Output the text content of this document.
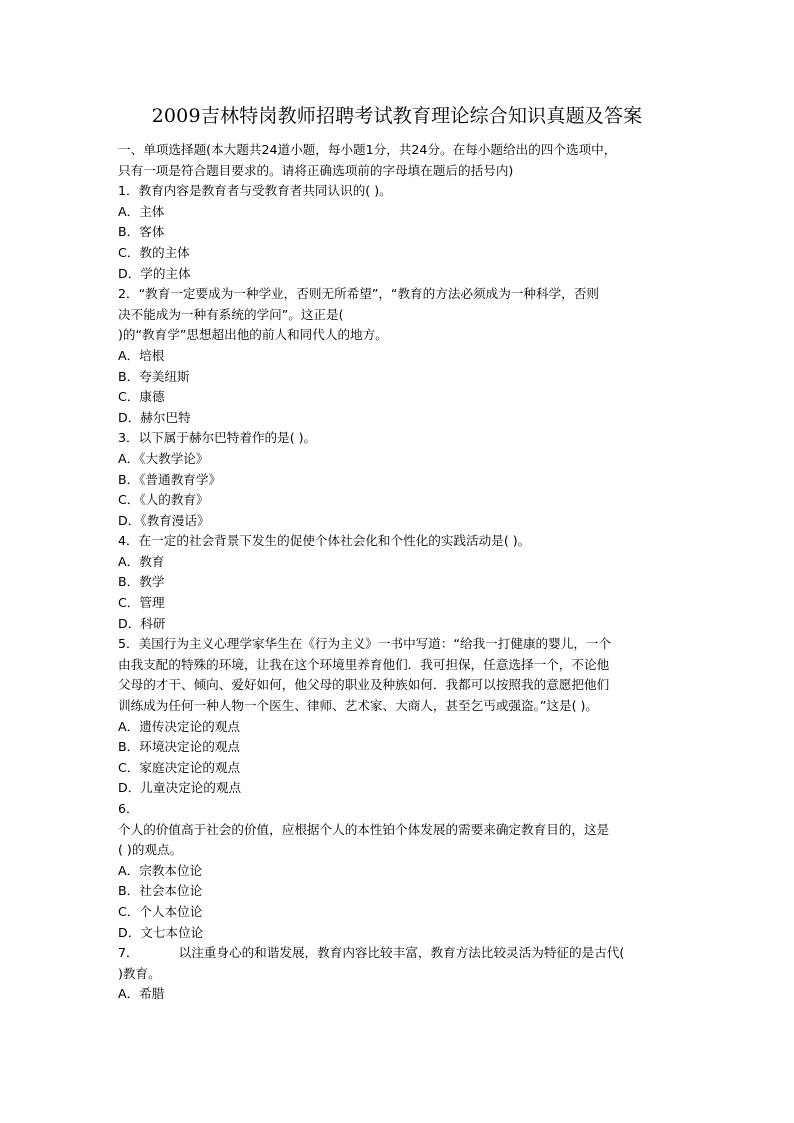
2009吉林特岗教师招聘考试教育理论综合知识真题及答案
一、单项选择题(本大题共24道小题，每小题1分，共24分。在每小题给出的四个选项中，
只有一项是符合题目要求的。请将正确选项前的字母填在题后的括号内)
1．教育内容是教育者与受教育者共同认识的( )。
A．主体
B．客体
C．教的主体
D．学的主体
2．“教育一定要成为一种学业，否则无所希望”，“教育的方法必须成为一种科学，否则
决不能成为一种有系统的学问”。这正是(
)的“教育学”思想超出他的前人和同代人的地方。
A．培根
B．夸美纽斯
C．康德
D．赫尔巴特
3．以下属于赫尔巴特着作的是( )。
A．《大教学论》
B．《普通教育学》
C．《人的教育》
D．《教育漫话》
4．在一定的社会背景下发生的促使个体社会化和个性化的实践活动是( )。
A．教育
B．教学
C．管理
D．科研
5．美国行为主义心理学家华生在《行为主义》一书中写道：“给我一打健康的婴儿，一个
由我支配的特殊的环境，让我在这个环境里养育他们．我可担保，任意选择一个，不论他
父母的才干、倾向、爱好如何，他父母的职业及种族如何．我都可以按照我的意愿把他们
训练成为任何一种人物一个医生、律师、艺术家、大商人，甚至乞丐或强盗。”这是( )。
A．遗传决定论的观点
B．环境决定论的观点
C．家庭决定论的观点
D．儿童决定论的观点
6．
个人的价值高于社会的价值，应根据个人的本性铂个体发展的需要来确定教育目的，这是
( )的观点。
A．宗教本位论
B．社会本位论
C．个人本位论
D．文七本位论
7．	以注重身心的和谐发展，教育内容比较丰富，教育方法比较灵活为特征的是古代(
)教育。
A．希腊
